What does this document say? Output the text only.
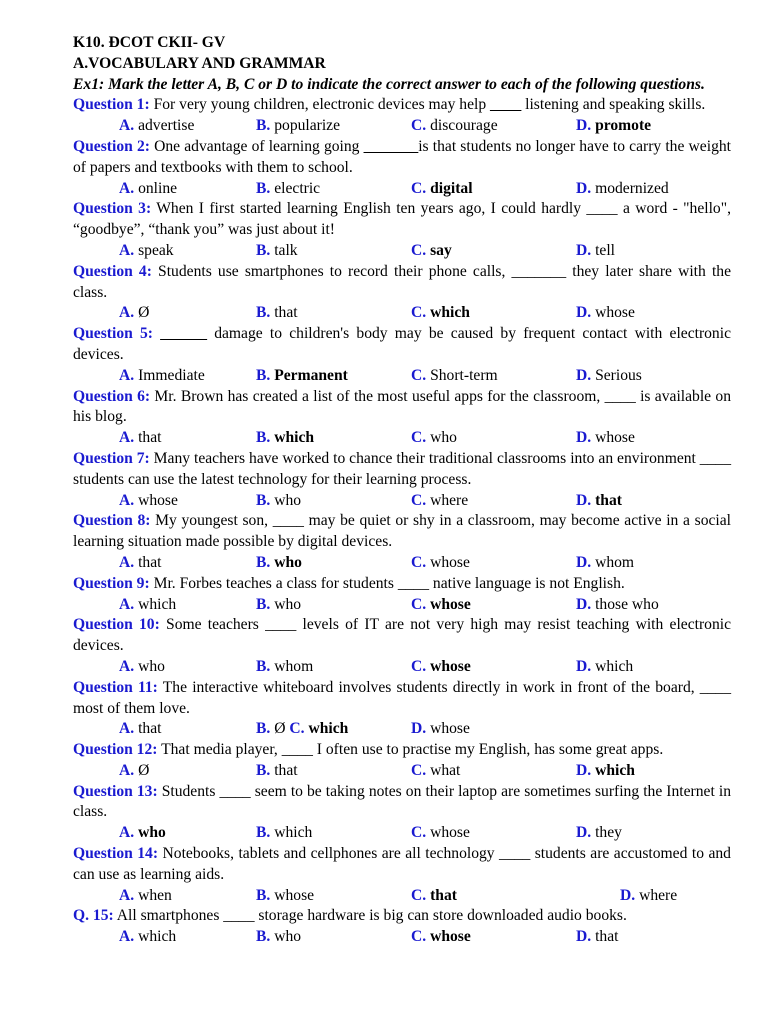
K10. ĐCOT CKII- GV
A.VOCABULARY AND GRAMMAR
Ex1: Mark the letter A, B, C or D to indicate the correct answer to each of the following questions.
Question 1: For very young children, electronic devices may help ____ listening and speaking skills.
A. advertise	B. popularize	C. discourage	D. promote
Question 2: One advantage of learning going _______is that students no longer have to carry the weight of papers and textbooks with them to school.
A. online	B. electric	C. digital	D. modernized
Question 3: When I first started learning English ten years ago, I could hardly ____ a word - "hello", “goodbye”, “thank you” was just about it!
A. speak	B. talk	C. say	D. tell
Question 4: Students use smartphones to record their phone calls, _______ they later share with the class.
A. Ø	B. that	C. which	D. whose
Question 5: ______ damage to children's body may be caused by frequent contact with electronic devices.
A. Immediate	B. Permanent	C. Short-term	D. Serious
Question 6: Mr. Brown has created a list of the most useful apps for the classroom, ____ is available on his blog.
A. that	B. which	C. who	D. whose
Question 7: Many teachers have worked to chance their traditional classrooms into an environment ____ students can use the latest technology for their learning process.
A. whose	B. who	C. where	D. that
Question 8: My youngest son, ____ may be quiet or shy in a classroom, may become active in a social learning situation made possible by digital devices.
A. that	B. who	C. whose	D. whom
Question 9: Mr. Forbes teaches a class for students ____ native language is not English.
A. which	B. who	C. whose	D. those who
Question 10: Some teachers ____ levels of IT are not very high may resist teaching with electronic devices.
A. who	B. whom	C. whose	D. which
Question 11: The interactive whiteboard involves students directly in work in front of the board, ____ most of them love.
A. that	B. Ø C. which	D. whose
Question 12: That media player, ____ I often use to practise my English, has some great apps.
A. Ø	B. that	C. what	D. which
Question 13: Students ____ seem to be taking notes on their laptop are sometimes surfing the Internet in class.
A. who	B. which	C. whose	D. they
Question 14: Notebooks, tablets and cellphones are all technology ____ students are accustomed to and can use as learning aids.
A. when	B. whose	C. that	D. where
Q. 15: All smartphones ____ storage hardware is big can store downloaded audio books.
A. which	B. who	C. whose	D. that
